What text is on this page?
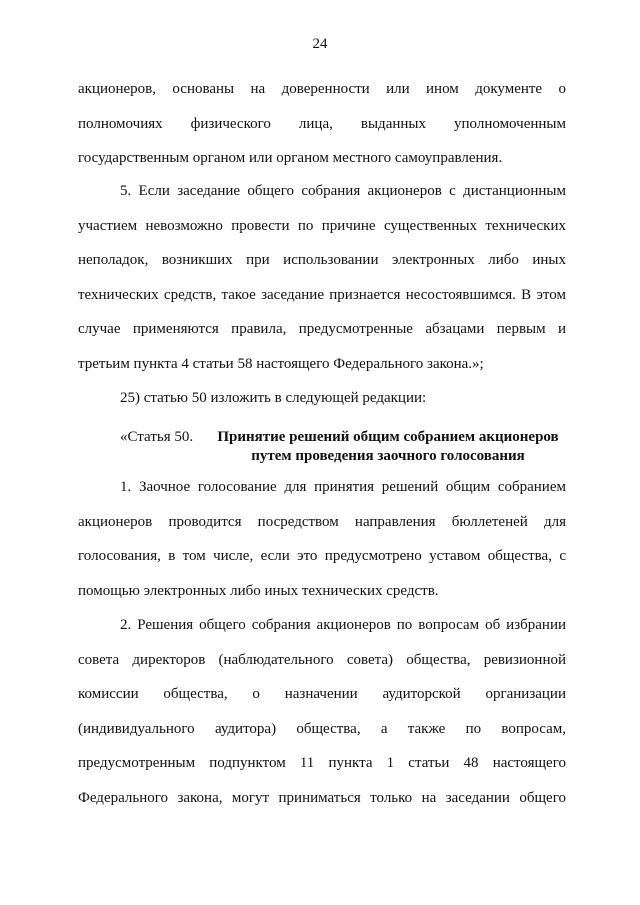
24
акционеров, основаны на доверенности или ином документе о
полномочиях физического лица, выданных уполномоченным
государственным органом или органом местного самоуправления.
5. Если заседание общего собрания акционеров с дистанционным
участием невозможно провести по причине существенных технических
неполадок, возникших при использовании электронных либо иных
технических средств, такое заседание признается несостоявшимся. В этом
случае применяются правила, предусмотренные абзацами первым и
третьим пункта 4 статьи 58 настоящего Федерального закона.»;
25) статью 50 изложить в следующей редакции:
«Статья 50.	Принятие решений общим собранием акционеров
путем проведения заочного голосования
1. Заочное голосование для принятия решений общим собранием
акционеров проводится посредством направления бюллетеней для
голосования, в том числе, если это предусмотрено уставом общества, с
помощью электронных либо иных технических средств.
2. Решения общего собрания акционеров по вопросам об избрании
совета директоров (наблюдательного совета) общества, ревизионной
комиссии общества, о назначении аудиторской организации
(индивидуального аудитора) общества, а также по вопросам,
предусмотренным подпунктом 11 пункта 1 статьи 48 настоящего
Федерального закона, могут приниматься только на заседании общего
